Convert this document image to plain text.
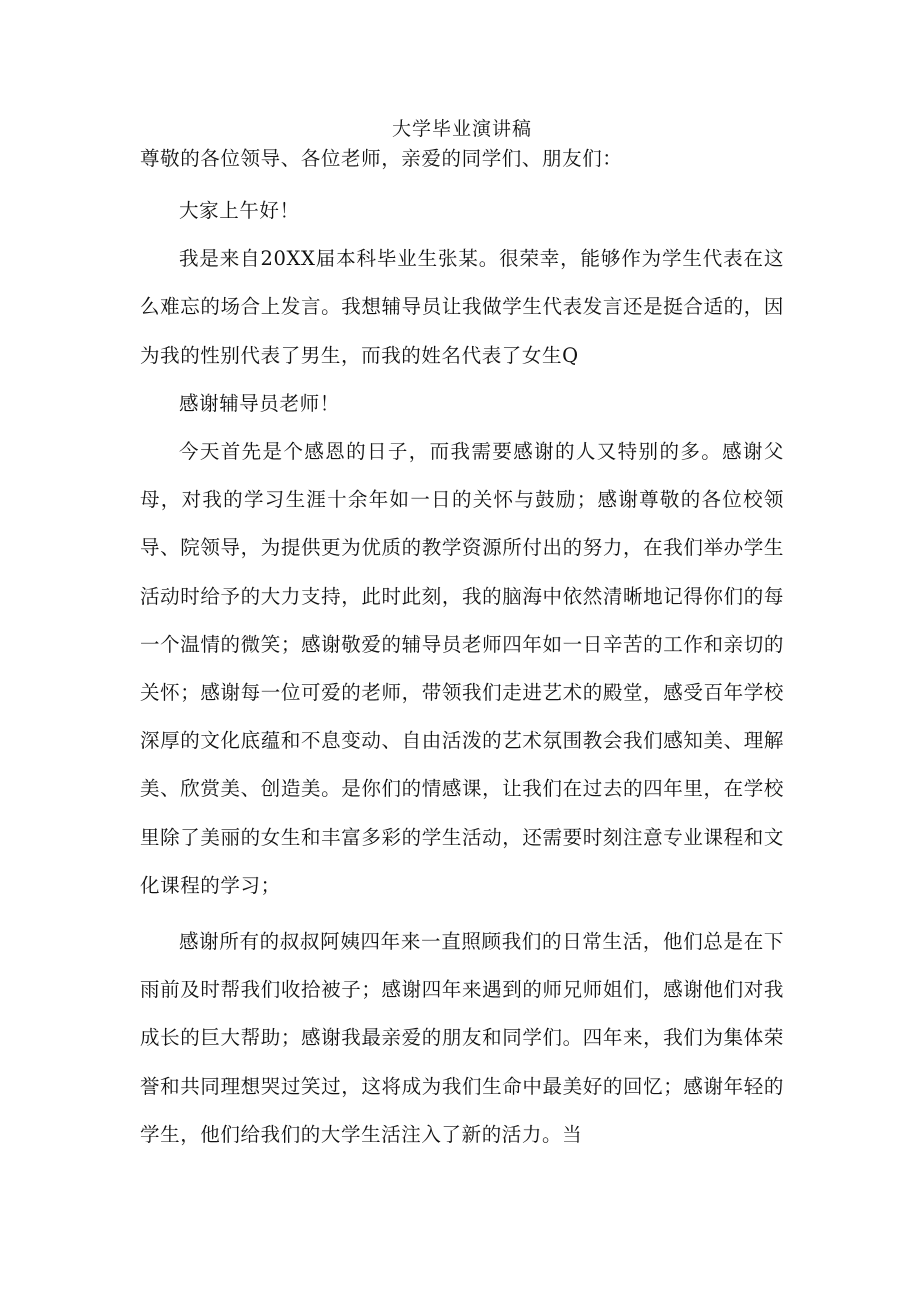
大学毕业演讲稿

尊敬的各位领导、各位老师，亲爱的同学们、朋友们：

大家上午好！

我是来自20XX届本科毕业生张某。很荣幸，能够作为学生代表在这么难忘的场合上发言。我想辅导员让我做学生代表发言还是挺合适的，因为我的性别代表了男生，而我的姓名代表了女生Q

感谢辅导员老师！

今天首先是个感恩的日子，而我需要感谢的人又特别的多。感谢父母，对我的学习生涯十余年如一日的关怀与鼓励；感谢尊敬的各位校领导、院领导，为提供更为优质的教学资源所付出的努力，在我们举办学生活动时给予的大力支持，此时此刻，我的脑海中依然清晰地记得你们的每一个温情的微笑；感谢敬爱的辅导员老师四年如一日辛苦的工作和亲切的关怀；感谢每一位可爱的老师，带领我们走进艺术的殿堂，感受百年学校深厚的文化底蕴和不息变动、自由活泼的艺术氛围教会我们感知美、理解美、欣赏美、创造美。是你们的情感课，让我们在过去的四年里，在学校里除了美丽的女生和丰富多彩的学生活动，还需要时刻注意专业课程和文化课程的学习；

感谢所有的叔叔阿姨四年来一直照顾我们的日常生活，他们总是在下雨前及时帮我们收拾被子；感谢四年来遇到的师兄师姐们，感谢他们对我成长的巨大帮助；感谢我最亲爱的朋友和同学们。四年来，我们为集体荣誉和共同理想哭过笑过，这将成为我们生命中最美好的回忆；感谢年轻的学生，他们给我们的大学生活注入了新的活力。当
